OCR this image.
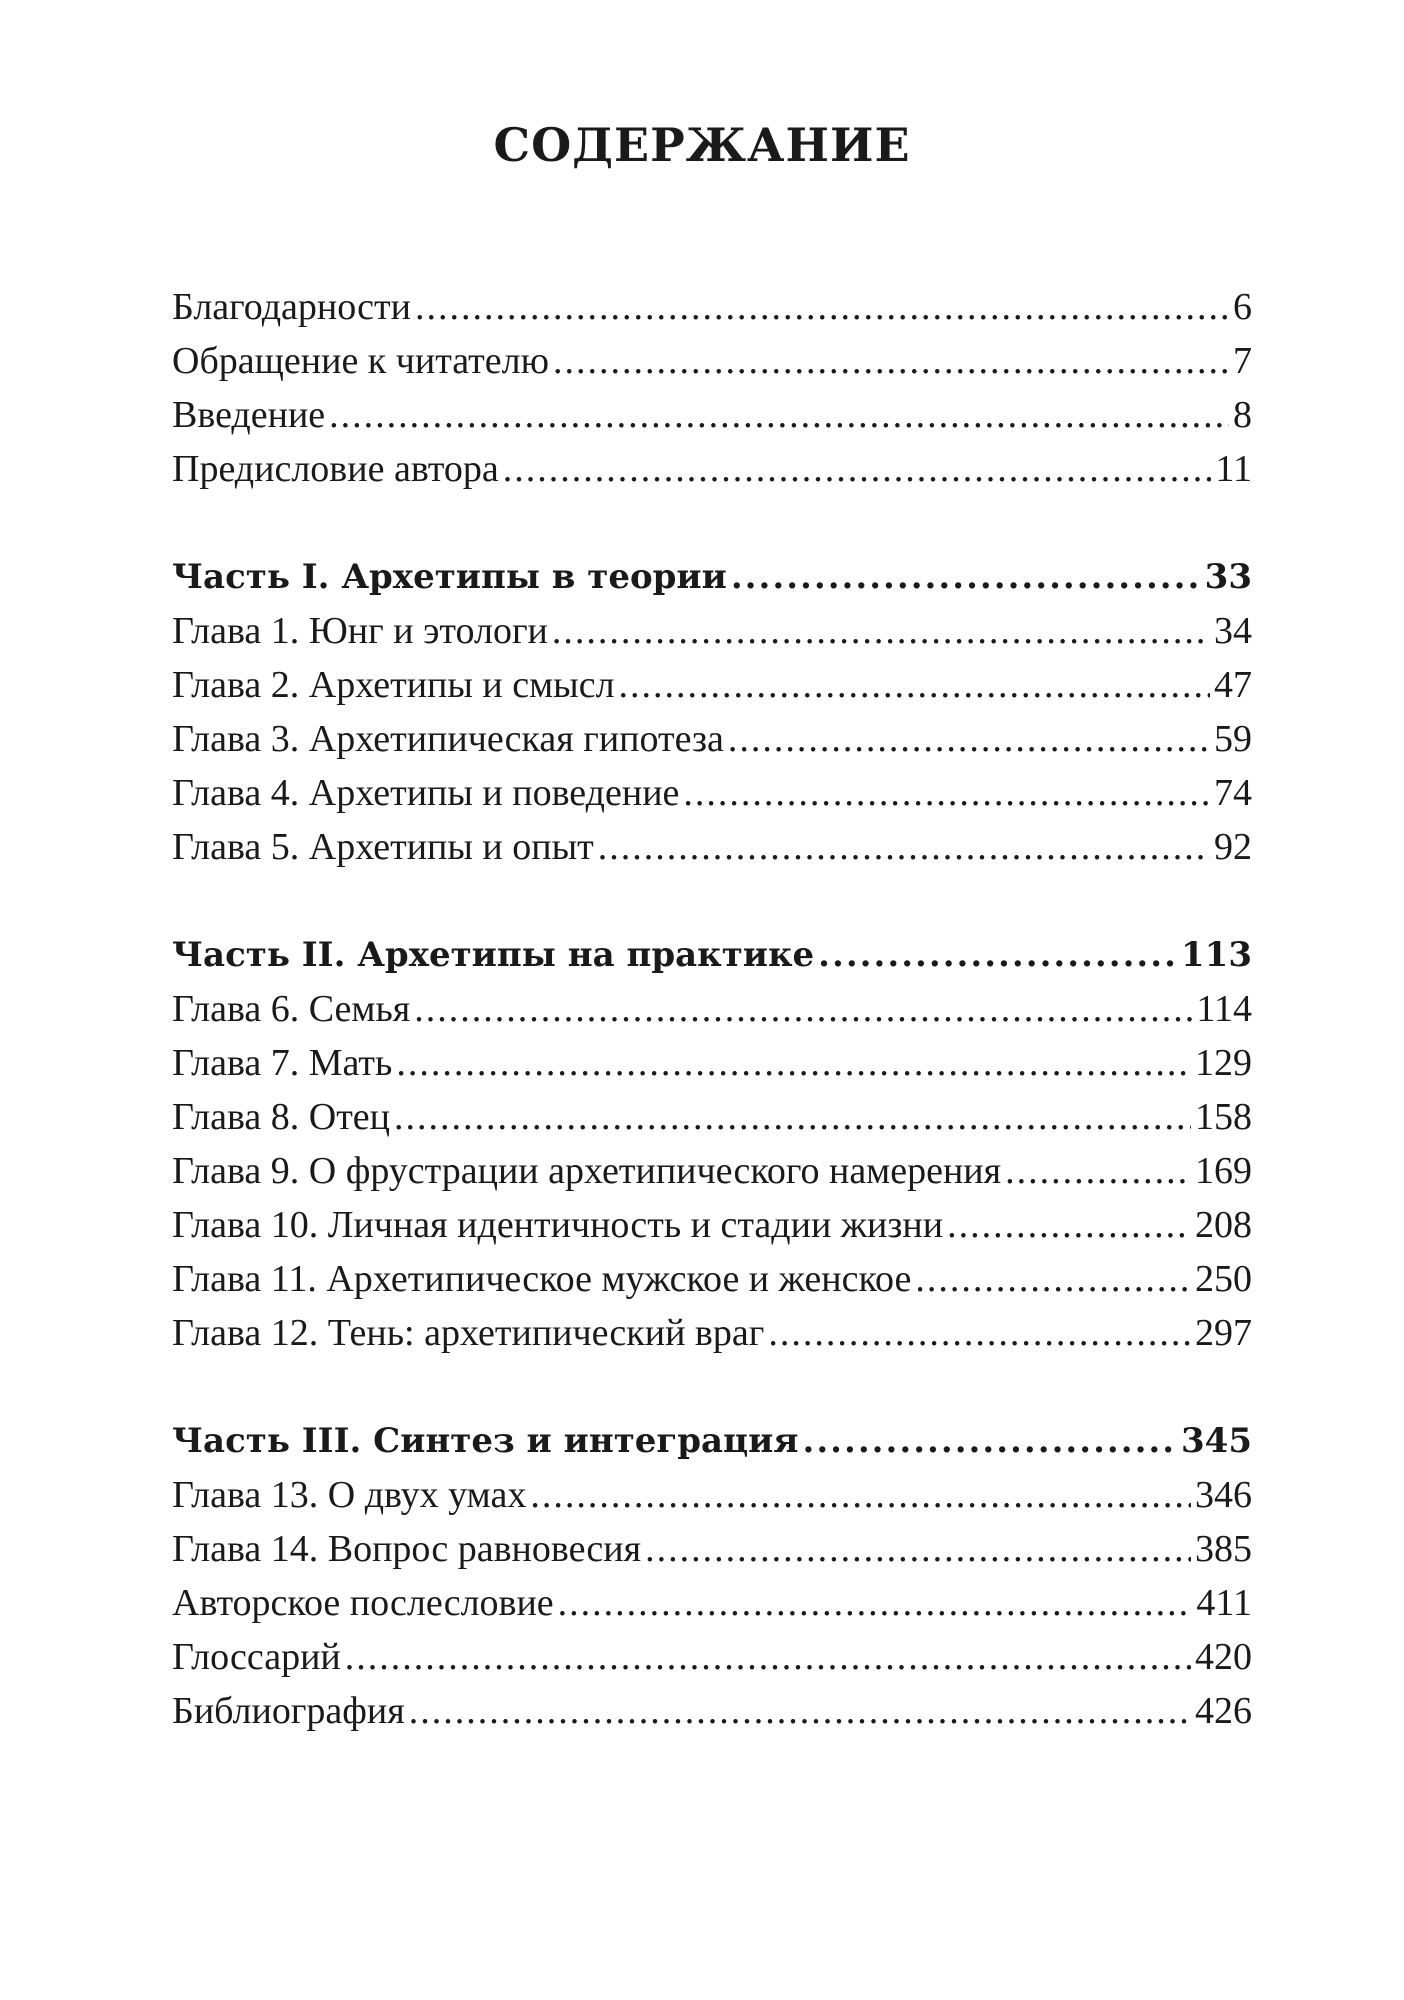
СОДЕРЖАНИЕ
Благодарности .....	6
Обращение к читателю .....	7
Введение .....	8
Предисловие автора .....	11
Часть I. Архетипы в теории .....	33
Глава 1. Юнг и этологи .....	34
Глава 2. Архетипы и смысл .....	47
Глава 3. Архетипическая гипотеза .....	59
Глава 4. Архетипы и поведение .....	74
Глава 5. Архетипы и опыт .....	92
Часть II. Архетипы на практике .....	113
Глава 6. Семья .....	114
Глава 7. Мать .....	129
Глава 8. Отец .....	158
Глава 9. О фрустрации архетипического намерения .....	169
Глава 10. Личная идентичность и стадии жизни .....	208
Глава 11. Архетипическое мужское и женское .....	250
Глава 12. Тень: архетипический враг .....	297
Часть III. Синтез и интеграция .....	345
Глава 13. О двух умах .....	346
Глава 14. Вопрос равновесия .....	385
Авторское послесловие .....	411
Глоссарий .....	420
Библиография .....	426
